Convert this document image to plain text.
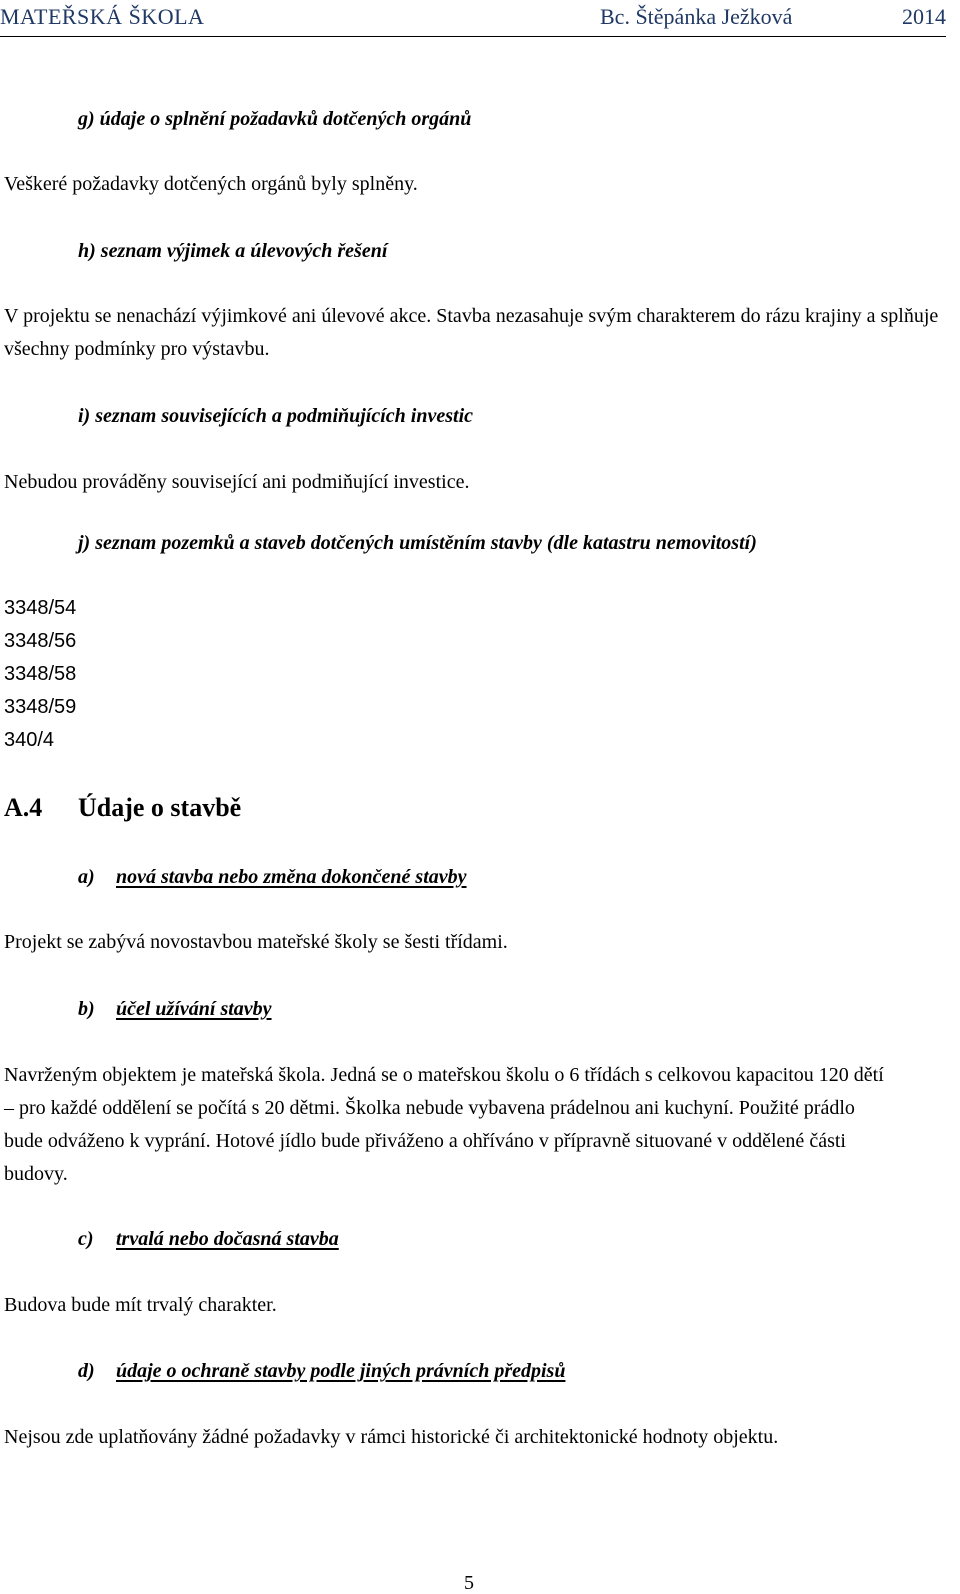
MATEŘSKÁ ŠKOLA	Bc. Štěpánka Ježková	2014

g) údaje o splnění požadavků dotčených orgánů

Veškeré požadavky dotčených orgánů byly splněny.

h) seznam výjimek a úlevových řešení

V projektu se nenachází výjimkové ani úlevové akce. Stavba nezasahuje svým charakterem do rázu krajiny a splňuje všechny podmínky pro výstavbu.

i) seznam souvisejících a podmiňujících investic

Nebudou prováděny související ani podmiňující investice.

j) seznam pozemků a staveb dotčených umístěním stavby (dle katastru nemovitostí)

3348/54
3348/56
3348/58
3348/59
340/4
A.4 Údaje o stavbě

a) nová stavba nebo změna dokončené stavby

Projekt se zabývá novostavbou mateřské školy se šesti třídami.

b) účel užívání stavby

Navrženým objektem je mateřská škola. Jedná se o mateřskou školu o 6 třídách s celkovou kapacitou 120 dětí – pro každé oddělení se počítá s 20 dětmi. Školka nebude vybavena prádelnou ani kuchyní. Použité prádlo bude odváženo k vyprání. Hotové jídlo bude přiváženo a ohříváno v přípravně situované v oddělené části budovy.

c) trvalá nebo dočasná stavba

Budova bude mít trvalý charakter.

d) údaje o ochraně stavby podle jiných právních předpisů

Nejsou zde uplatňovány žádné požadavky v rámci historické či architektonické hodnoty objektu.

5
